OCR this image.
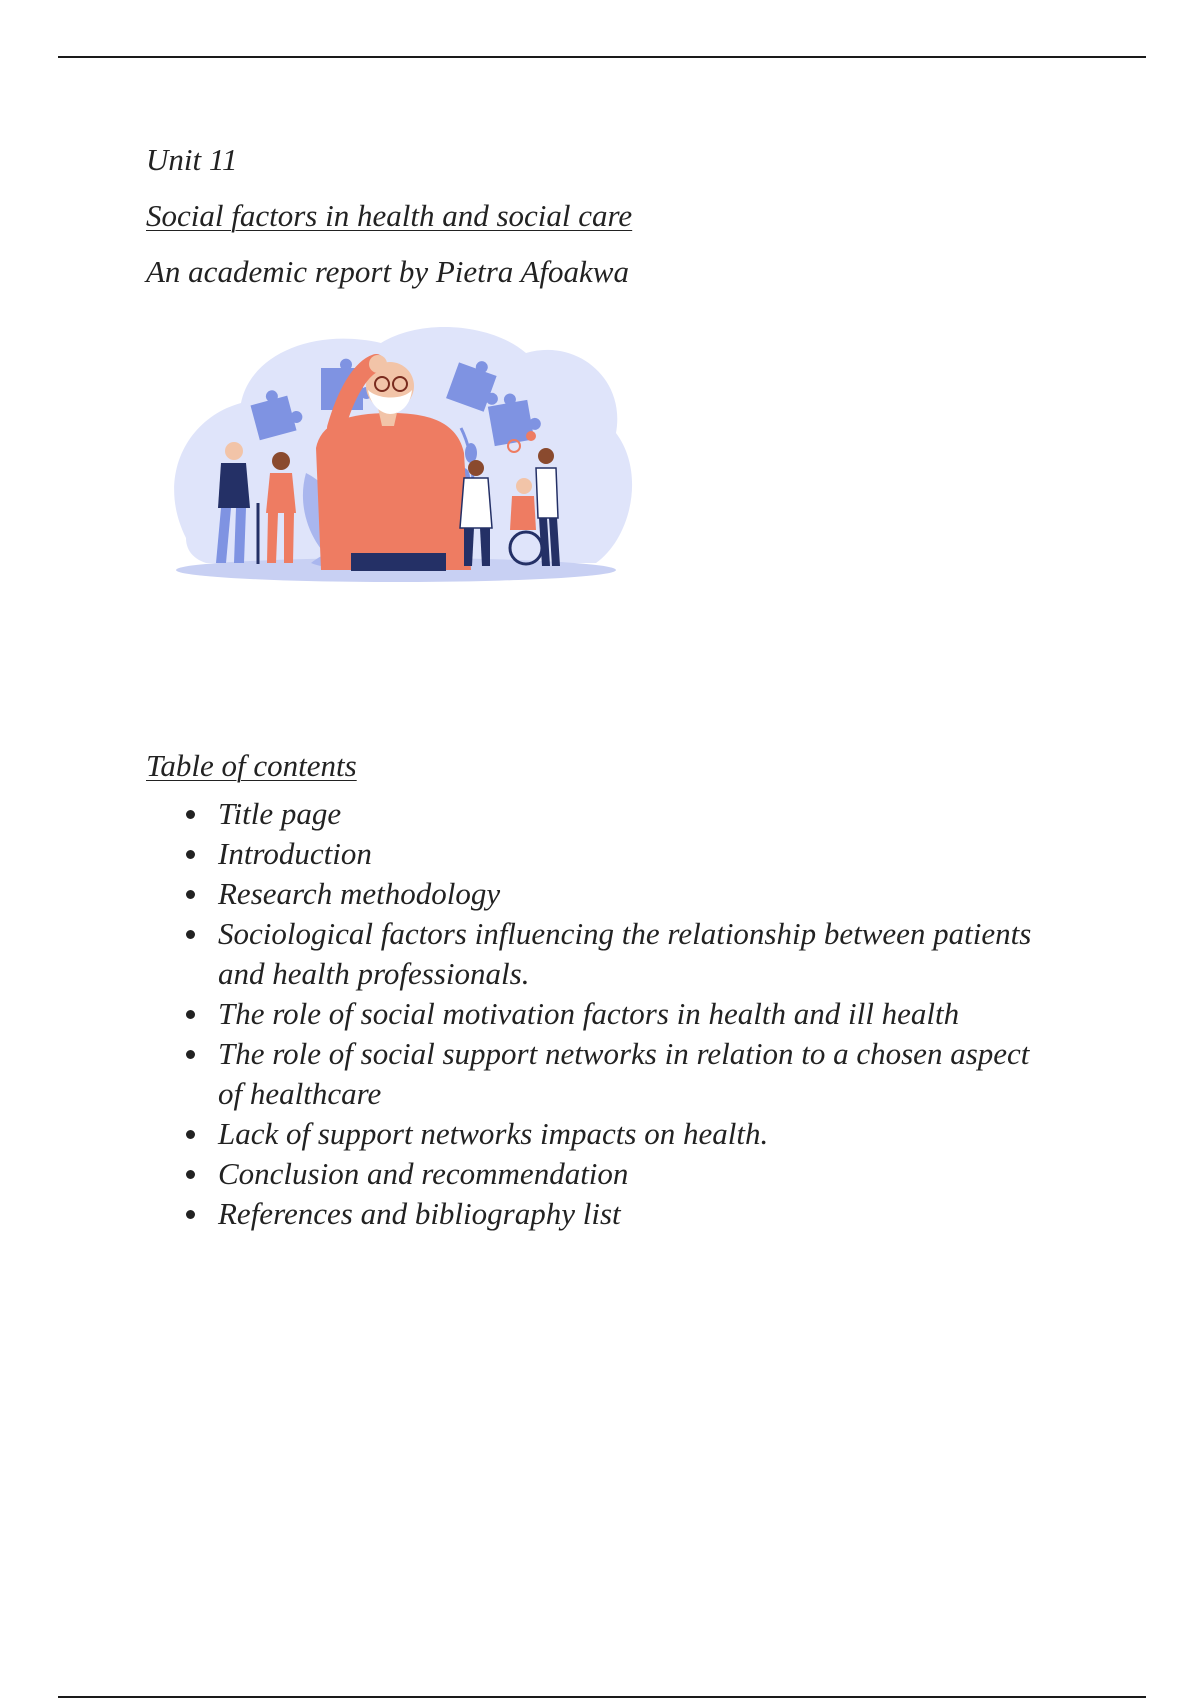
Unit 11
Social factors in health and social care
An academic report by Pietra Afoakwa
Table of contents
Title page
Introduction
Research methodology
Sociological factors influencing the relationship between patients and health professionals.
The role of social motivation factors in health and ill health
The role of social support networks in relation to a chosen aspect of healthcare
Lack of support networks impacts on health.
Conclusion and recommendation
References and bibliography list
